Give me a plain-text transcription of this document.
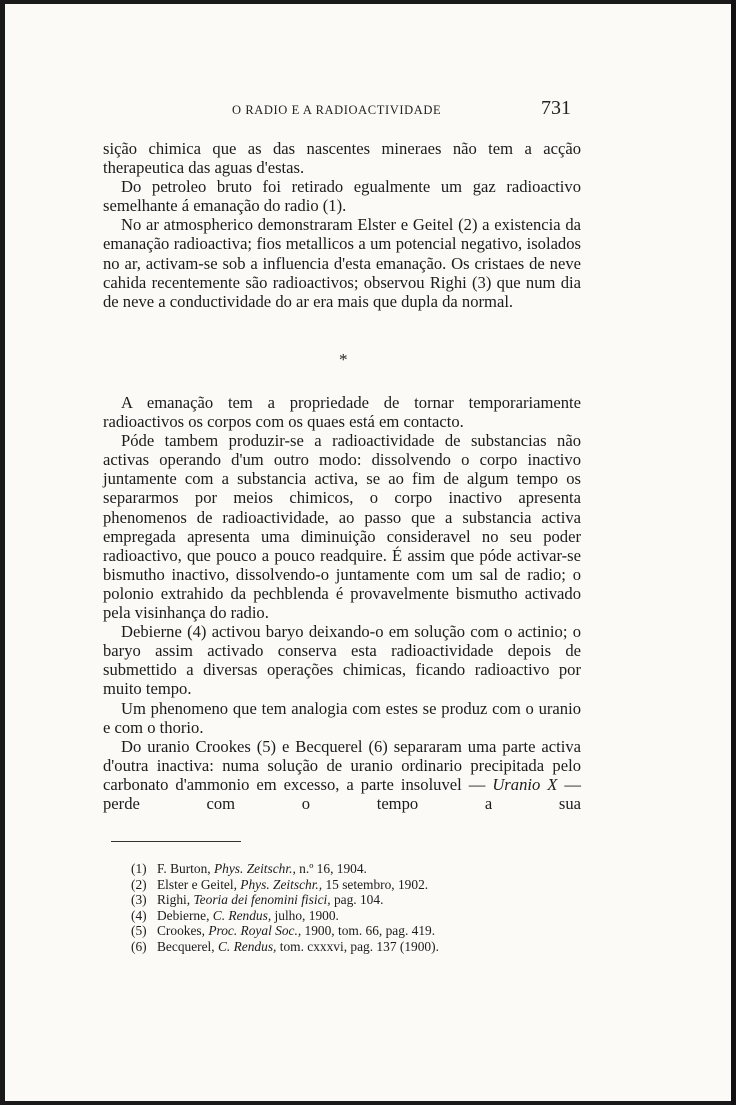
O RADIO E A RADIOACTIVIDADE	731

sição chimica que as das nascentes mineraes não tem a acção therapeutica das aguas d'estas.

Do petroleo bruto foi retirado egualmente um gaz radioactivo semelhante á emanação do radio (1).

No ar atmospherico demonstraram Elster e Geitel (2) a existencia da emanação radioactiva; fios metallicos a um potencial negativo, isolados no ar, activam-se sob a influencia d'esta emanação. Os cristaes de neve cahida recentemente são radioactivos; observou Righi (3) que num dia de neve a conductividade do ar era mais que dupla da normal.

*

A emanação tem a propriedade de tornar temporariamente radioactivos os corpos com os quaes está em contacto.

Póde tambem produzir-se a radioactividade de substancias não activas operando d'um outro modo: dissolvendo o corpo inactivo juntamente com a substancia activa, se ao fim de algum tempo os separarmos por meios chimicos, o corpo inactivo apresenta phenomenos de radioactividade, ao passo que a substancia activa empregada apresenta uma diminuição consideravel no seu poder radioactivo, que pouco a pouco readquire. É assim que póde activar-se bismutho inactivo, dissolvendo-o juntamente com um sal de radio; o polonio extrahido da pechblenda é provavelmente bismutho activado pela visinhança do radio.

Debierne (4) activou baryo deixando-o em solução com o actinio; o baryo assim activado conserva esta radioactividade depois de submettido a diversas operações chimicas, ficando radioactivo por muito tempo.

Um phenomeno que tem analogia com estes se produz com o uranio e com o thorio.

Do uranio Crookes (5) e Becquerel (6) separaram uma parte activa d'outra inactiva: numa solução de uranio ordinario precipitada pelo carbonato d'ammonio em excesso, a parte insoluvel — Uranio X — perde com o tempo a sua

(1) F. Burton, Phys. Zeitschr., n.º 16, 1904.
(2) Elster e Geitel, Phys. Zeitschr., 15 setembro, 1902.
(3) Righi, Teoria dei fenomini fisici, pag. 104.
(4) Debierne, C. Rendus, julho, 1900.
(5) Crookes, Proc. Royal Soc., 1900, tom. 66, pag. 419.
(6) Becquerel, C. Rendus, tom. cxxxvi, pag. 137 (1900).
